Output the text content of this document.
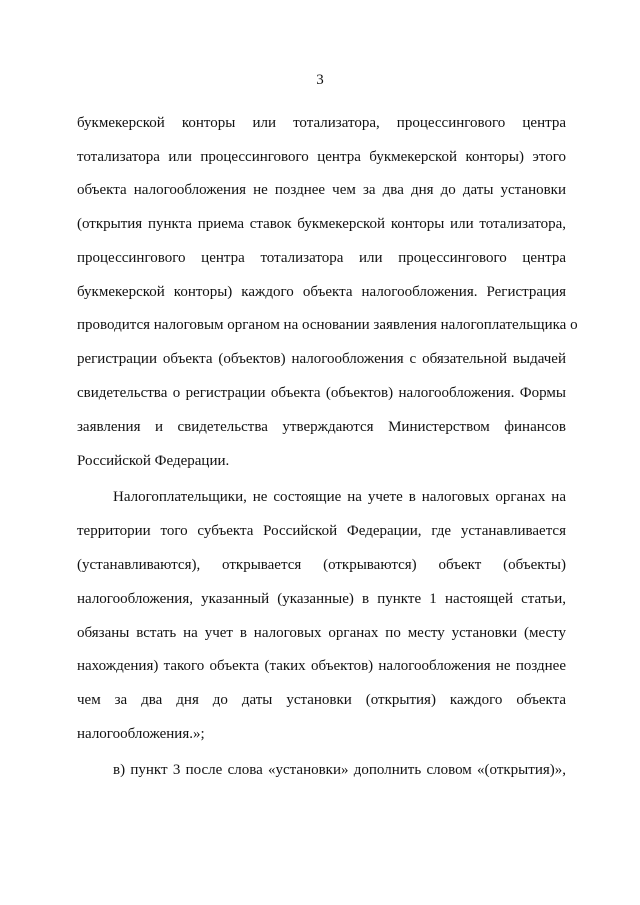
3
букмекерской конторы или тотализатора, процессингового центра
тотализатора или процессингового центра букмекерской конторы) этого
объекта налогообложения не позднее чем за два дня до даты установки
(открытия пункта приема ставок букмекерской конторы или тотализатора,
процессингового центра тотализатора или процессингового центра
букмекерской конторы) каждого объекта налогообложения. Регистрация
проводится налоговым органом на основании заявления налогоплательщика о
регистрации объекта (объектов) налогообложения с обязательной выдачей
свидетельства о регистрации объекта (объектов) налогообложения. Формы
заявления и свидетельства утверждаются Министерством финансов
Российской Федерации.
Налогоплательщики, не состоящие на учете в налоговых органах на
территории того субъекта Российской Федерации, где устанавливается
(устанавливаются), открывается (открываются) объект (объекты)
налогообложения, указанный (указанные) в пункте 1 настоящей статьи,
обязаны встать на учет в налоговых органах по месту установки (месту
нахождения) такого объекта (таких объектов) налогообложения не позднее
чем за два дня до даты установки (открытия) каждого объекта
налогообложения.»;
в) пункт 3 после слова «установки» дополнить словом «(открытия)»,
